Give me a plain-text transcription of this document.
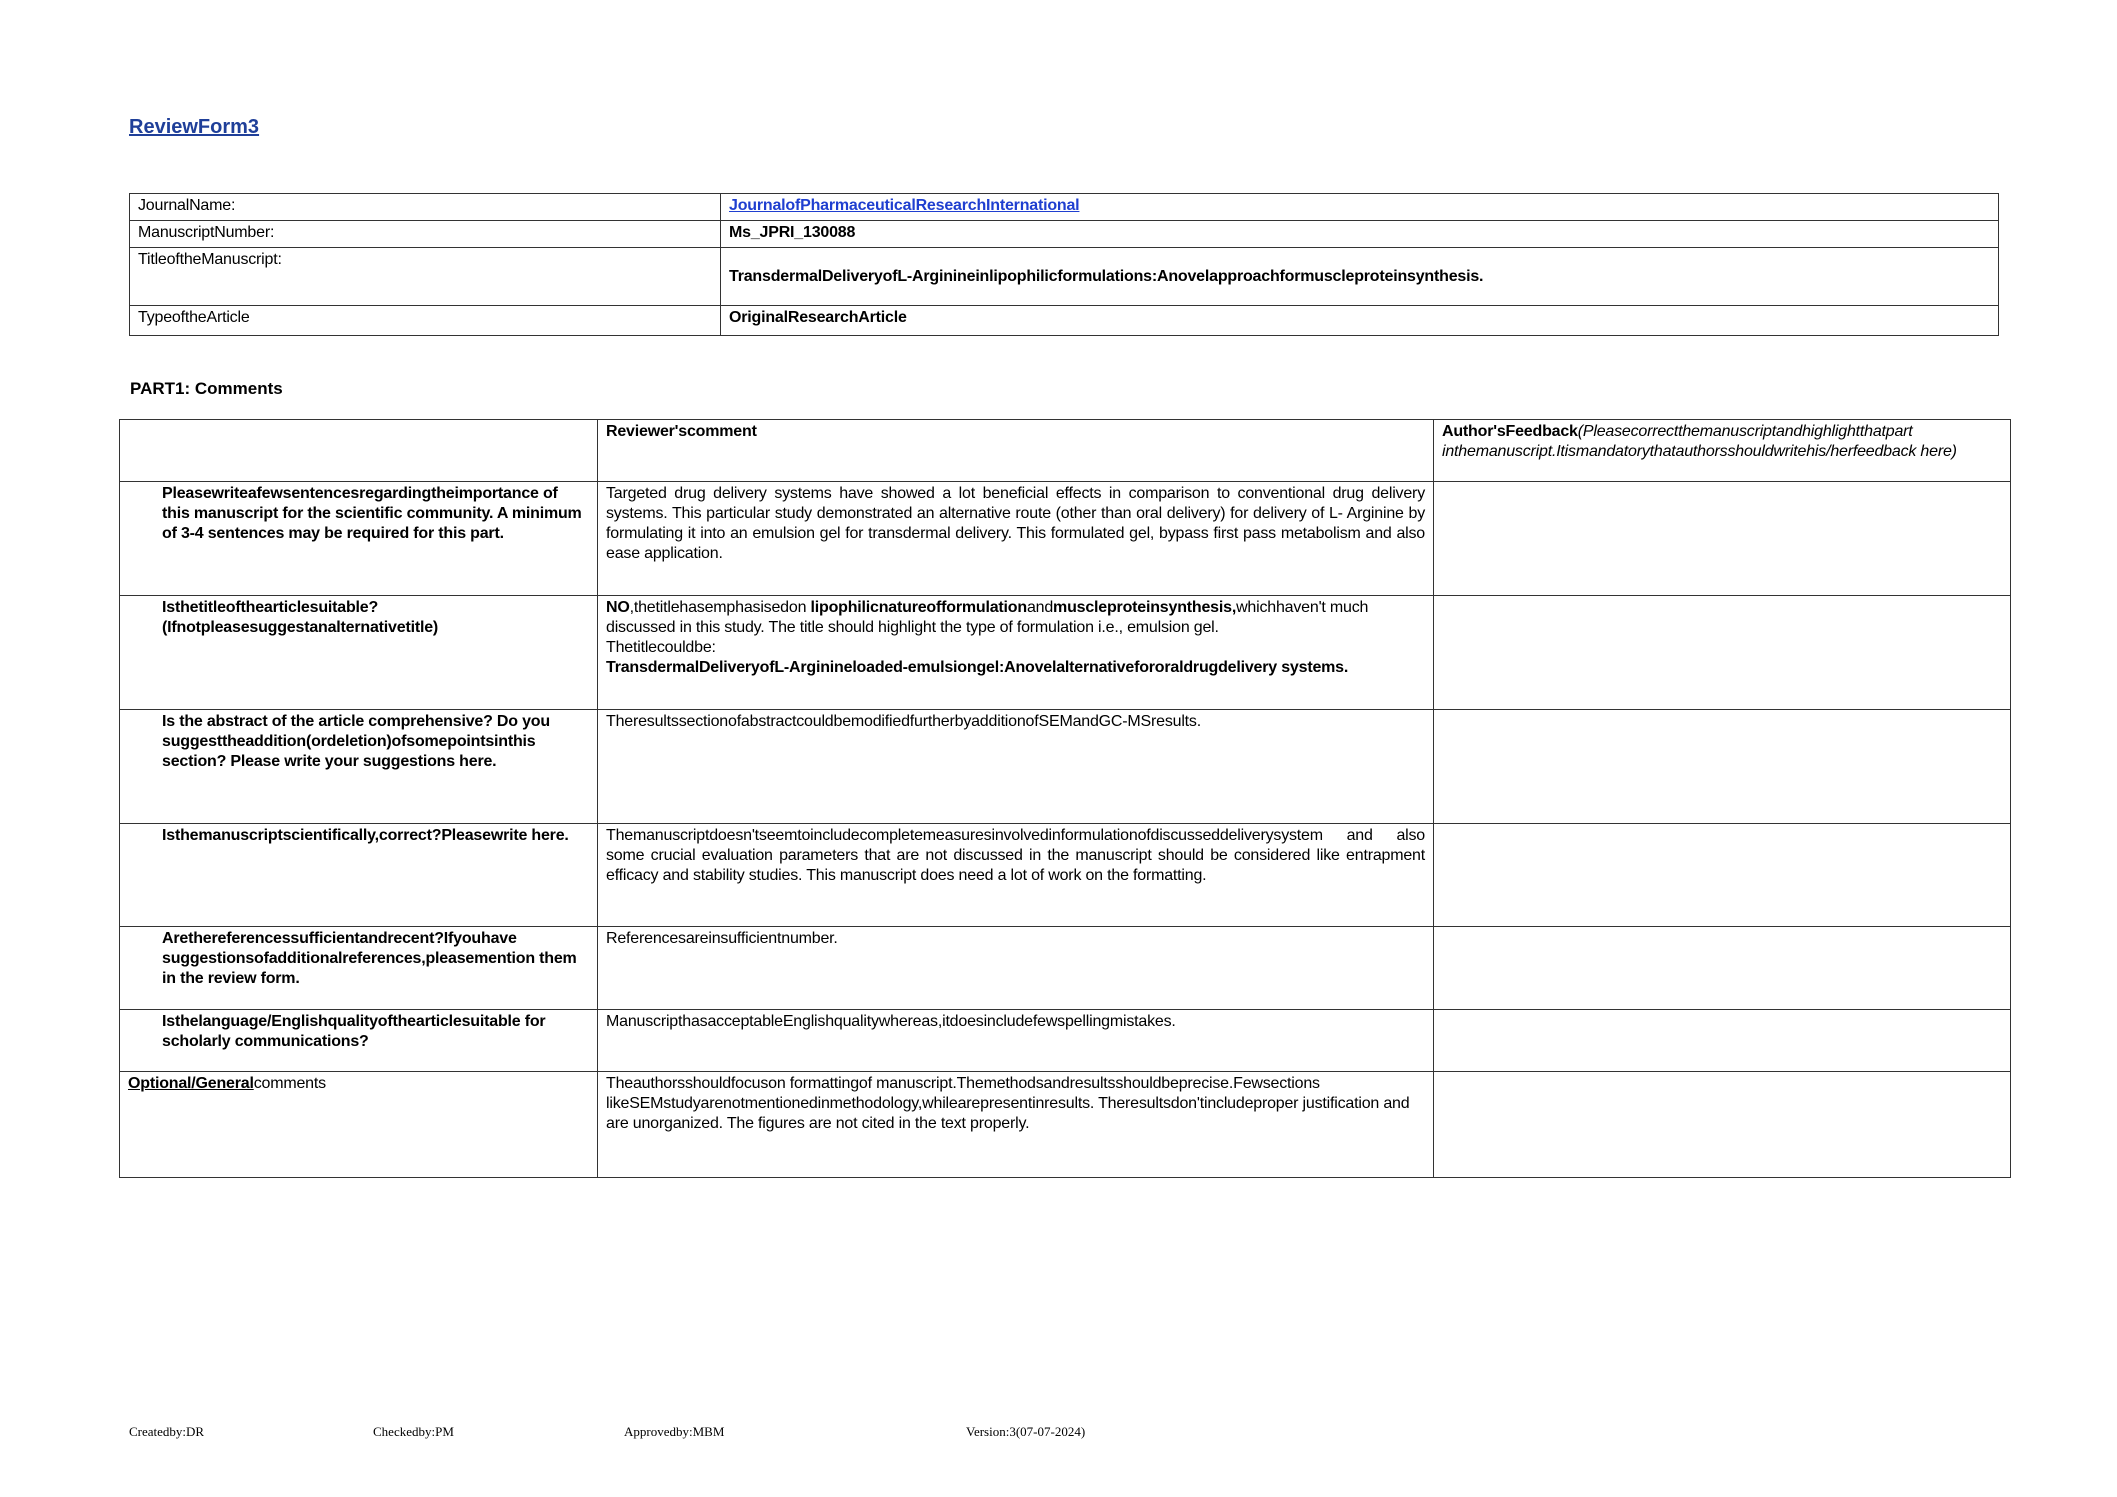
ReviewForm3
JournalName:	JournalofPharmaceuticalResearchInternational
ManuscriptNumber:	Ms_JPRI_130088
TitleoftheManuscript:	TransdermalDeliveryofL-Arginineinlipophilicformulations:Anovelapproachformuscleproteinsynthesis.
TypeoftheArticle	OriginalResearchArticle
PART1: Comments
	Reviewer'scomment	Author'sFeedback(Pleasecorrectthemanuscriptandhighlightthatpart inthemanuscript.Itismandatorythatauthorsshouldwritehis/herfeedback here)
Pleasewriteafewsentencesregardingtheimportance of this manuscript for the scientific community. A minimum of 3-4 sentences may be required for this part.	Targeted drug delivery systems have showed a lot beneficial effects in comparison to conventional drug delivery systems. This particular study demonstrated an alternative route (other than oral delivery) for delivery of L- Arginine by formulating it into an emulsion gel for transdermal delivery. This formulated gel, bypass first pass metabolism and also ease application.	
Isthetitleofthearticlesuitable? (Ifnotpleasesuggestanalternativetitle)	NO,thetitlehasemphasisedon lipophilicnatureofformulationandmuscleproteinsynthesis,whichhaven't much discussed in this study. The title should highlight the type of formulation i.e., emulsion gel.
Thetitlecouldbe:
TransdermalDeliveryofL-Arginineloaded-emulsiongel:Anovelalternativefororaldrugdelivery systems.	
Is the abstract of the article comprehensive? Do you suggesttheaddition(ordeletion)ofsomepointsinthis section? Please write your suggestions here.	TheresultssectionofabstractcouldbemodifiedfurtherbyadditionofSEMandGC-MSresults.	
Isthemanuscriptscientifically,correct?Pleasewrite here.	Themanuscriptdoesn'tseemtoincludecompletemeasuresinvolvedinformulationofdiscusseddeliverysystem and also some crucial evaluation parameters that are not discussed in the manuscript should be considered like entrapment efficacy and stability studies. This manuscript does need a lot of work on the formatting.	
Arethereferencessufficientandrecent?Ifyouhave suggestionsofadditionalreferences,pleasemention them in the review form.	Referencesareinsufficientnumber.	
Isthelanguage/Englishqualityofthearticlesuitable for scholarly communications?	ManuscripthasacceptableEnglishqualitywhereas,itdoesincludefewspellingmistakes.	
Optional/Generalcomments	Theauthorsshouldfocuson formattingof manuscript.Themethodsandresultsshouldbeprecise.Fewsections likeSEMstudyarenotmentionedinmethodology,whilearepresentinresults. Theresultsdon'tincludeproper justification and are unorganized. The figures are not cited in the text properly.	
Createdby:DR	Checkedby:PM	Approvedby:MBM	Version:3(07-07-2024)
